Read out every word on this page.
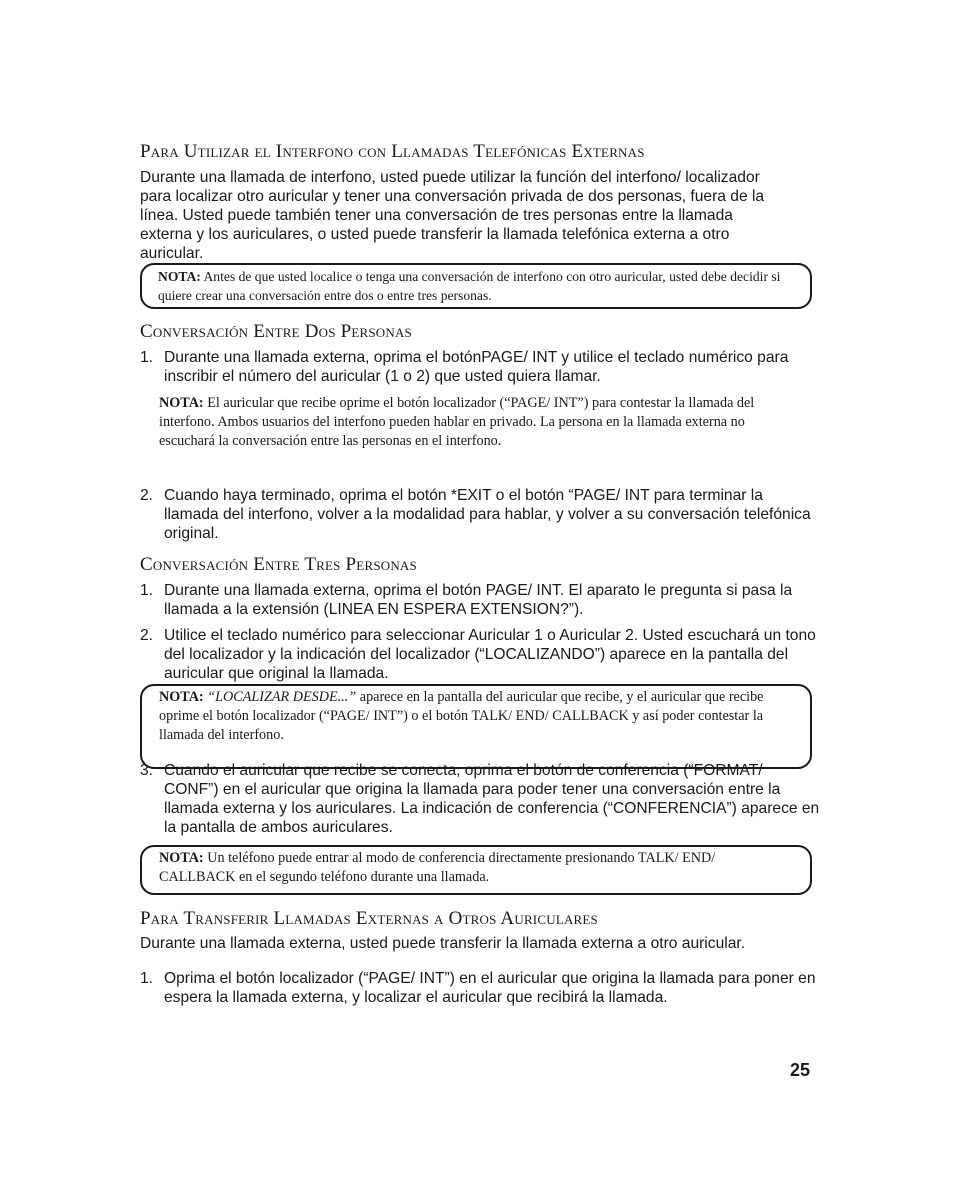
Para Utilizar el Interfono con Llamadas Telefónicas Externas

Durante una llamada de interfono, usted puede utilizar la función del interfono/ localizador para localizar otro auricular y tener una conversación privada de dos personas, fuera de la línea. Usted puede también tener una conversación de tres personas entre la llamada externa y los auriculares, o usted puede transferir la llamada telefónica externa a otro auricular.

NOTA: Antes de que usted localice o tenga una conversación de interfono con otro auricular, usted debe decidir si quiere crear una conversación entre dos o entre tres personas.

Conversación Entre Dos Personas
1. Durante una llamada externa, oprima el botónPAGE/ INT y utilice el teclado numérico para inscribir el número del auricular (1 o 2) que usted quiera llamar.

NOTA: El auricular que recibe oprime el botón localizador (“PAGE/ INT”) para contestar la llamada del interfono. Ambos usuarios del interfono pueden hablar en privado. La persona en la llamada externa no escuchará la conversación entre las personas en el interfono.

2. Cuando haya terminado, oprima el botón *EXIT o el botón “PAGE/ INT para terminar la llamada del interfono, volver a la modalidad para hablar, y volver a su conversación telefónica original.
Conversación Entre Tres Personas
1. Durante una llamada externa, oprima el botón PAGE/ INT. El aparato le pregunta si pasa la llamada a la extensión (LINEA EN ESPERA EXTENSION?”).
2. Utilice el teclado numérico para seleccionar Auricular 1 o Auricular 2. Usted escuchará un tono del localizador y la indicación del localizador (“LOCALIZANDO”) aparece en la pantalla del auricular que original la llamada.

NOTA: “LOCALIZAR DESDE...” aparece en la pantalla del auricular que recibe, y el auricular que recibe oprime el botón localizador (“PAGE/ INT”) o el botón TALK/ END/ CALLBACK y así poder contestar la llamada del interfono.

3. Cuando el auricular que recibe se conecta, oprima el botón de conferencia (“FORMAT/ CONF”) en el auricular que origina la llamada para poder tener una conversación entre la llamada externa y los auriculares. La indicación de conferencia (“CONFERENCIA”) aparece en la pantalla de ambos auriculares.

NOTA: Un teléfono puede entrar al modo de conferencia directamente presionando TALK/ END/ CALLBACK en el segundo teléfono durante una llamada.

Para Transferir Llamadas Externas a Otros Auriculares

Durante una llamada externa, usted puede transferir la llamada externa a otro auricular.

1. Oprima el botón localizador (“PAGE/ INT”) en el auricular que origina la llamada para poner en espera la llamada externa, y localizar el auricular que recibirá la llamada.
25
